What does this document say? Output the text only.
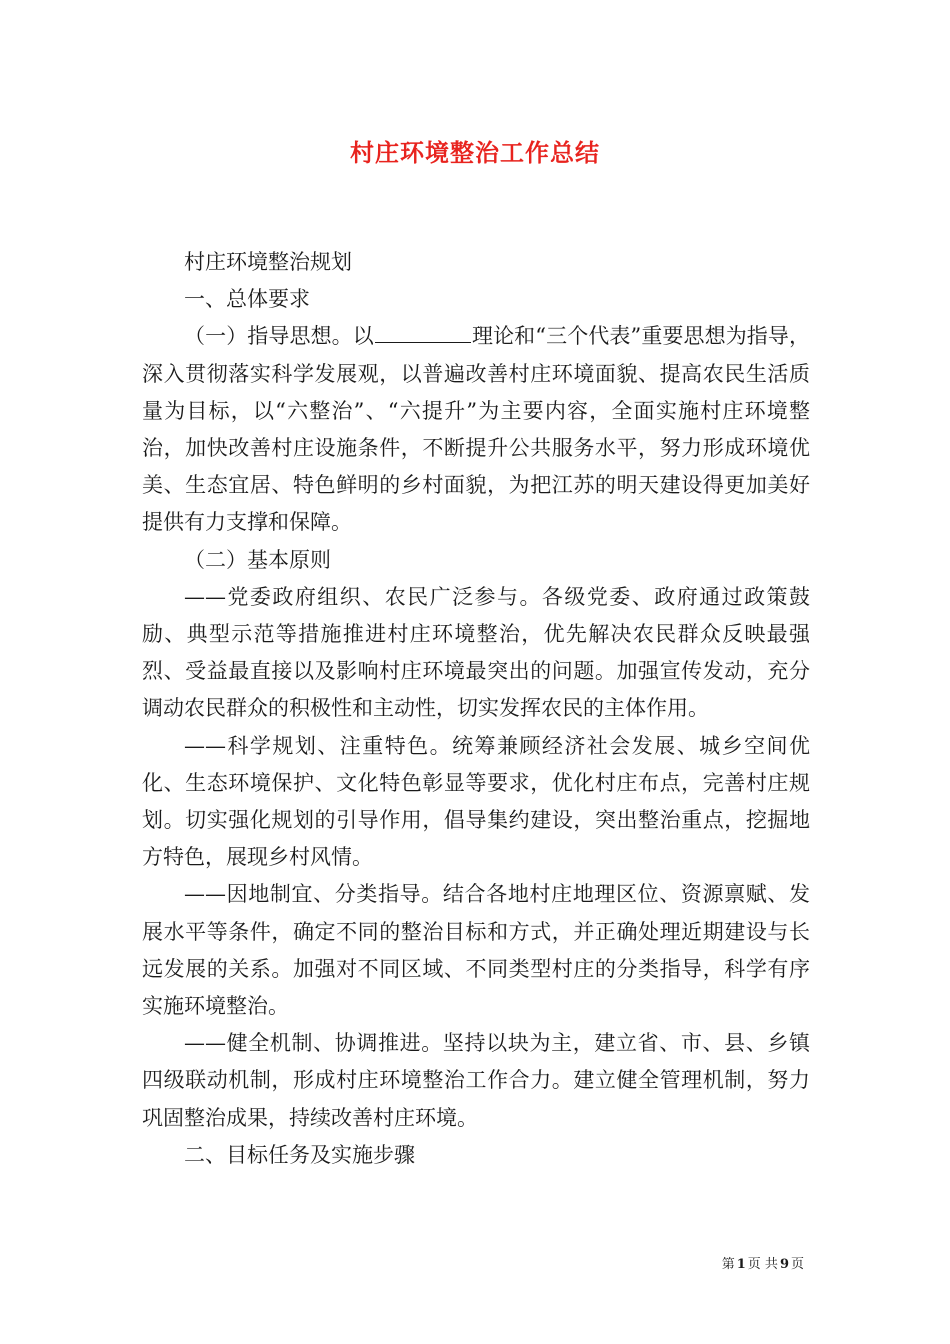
村庄环境整治工作总结

村庄环境整治规划

一、总体要求

（一）指导思想。以	理论和“三个代表”重要思想为指导，深入贯彻落实科学发展观，以普遍改善村庄环境面貌、提高农民生活质量为目标，以“六整治”、“六提升”为主要内容，全面实施村庄环境整治，加快改善村庄设施条件，不断提升公共服务水平，努力形成环境优美、生态宜居、特色鲜明的乡村面貌，为把江苏的明天建设得更加美好提供有力支撑和保障。

（二）基本原则

——党委政府组织、农民广泛参与。各级党委、政府通过政策鼓励、典型示范等措施推进村庄环境整治，优先解决农民群众反映最强烈、受益最直接以及影响村庄环境最突出的问题。加强宣传发动，充分调动农民群众的积极性和主动性，切实发挥农民的主体作用。

——科学规划、注重特色。统筹兼顾经济社会发展、城乡空间优化、生态环境保护、文化特色彰显等要求，优化村庄布点，完善村庄规划。切实强化规划的引导作用，倡导集约建设，突出整治重点，挖掘地方特色，展现乡村风情。

——因地制宜、分类指导。结合各地村庄地理区位、资源禀赋、发展水平等条件，确定不同的整治目标和方式，并正确处理近期建设与长远发展的关系。加强对不同区域、不同类型村庄的分类指导，科学有序实施环境整治。

——健全机制、协调推进。坚持以块为主，建立省、市、县、乡镇四级联动机制，形成村庄环境整治工作合力。建立健全管理机制，努力巩固整治成果，持续改善村庄环境。

二、目标任务及实施步骤

第 1 页 共 9 页
